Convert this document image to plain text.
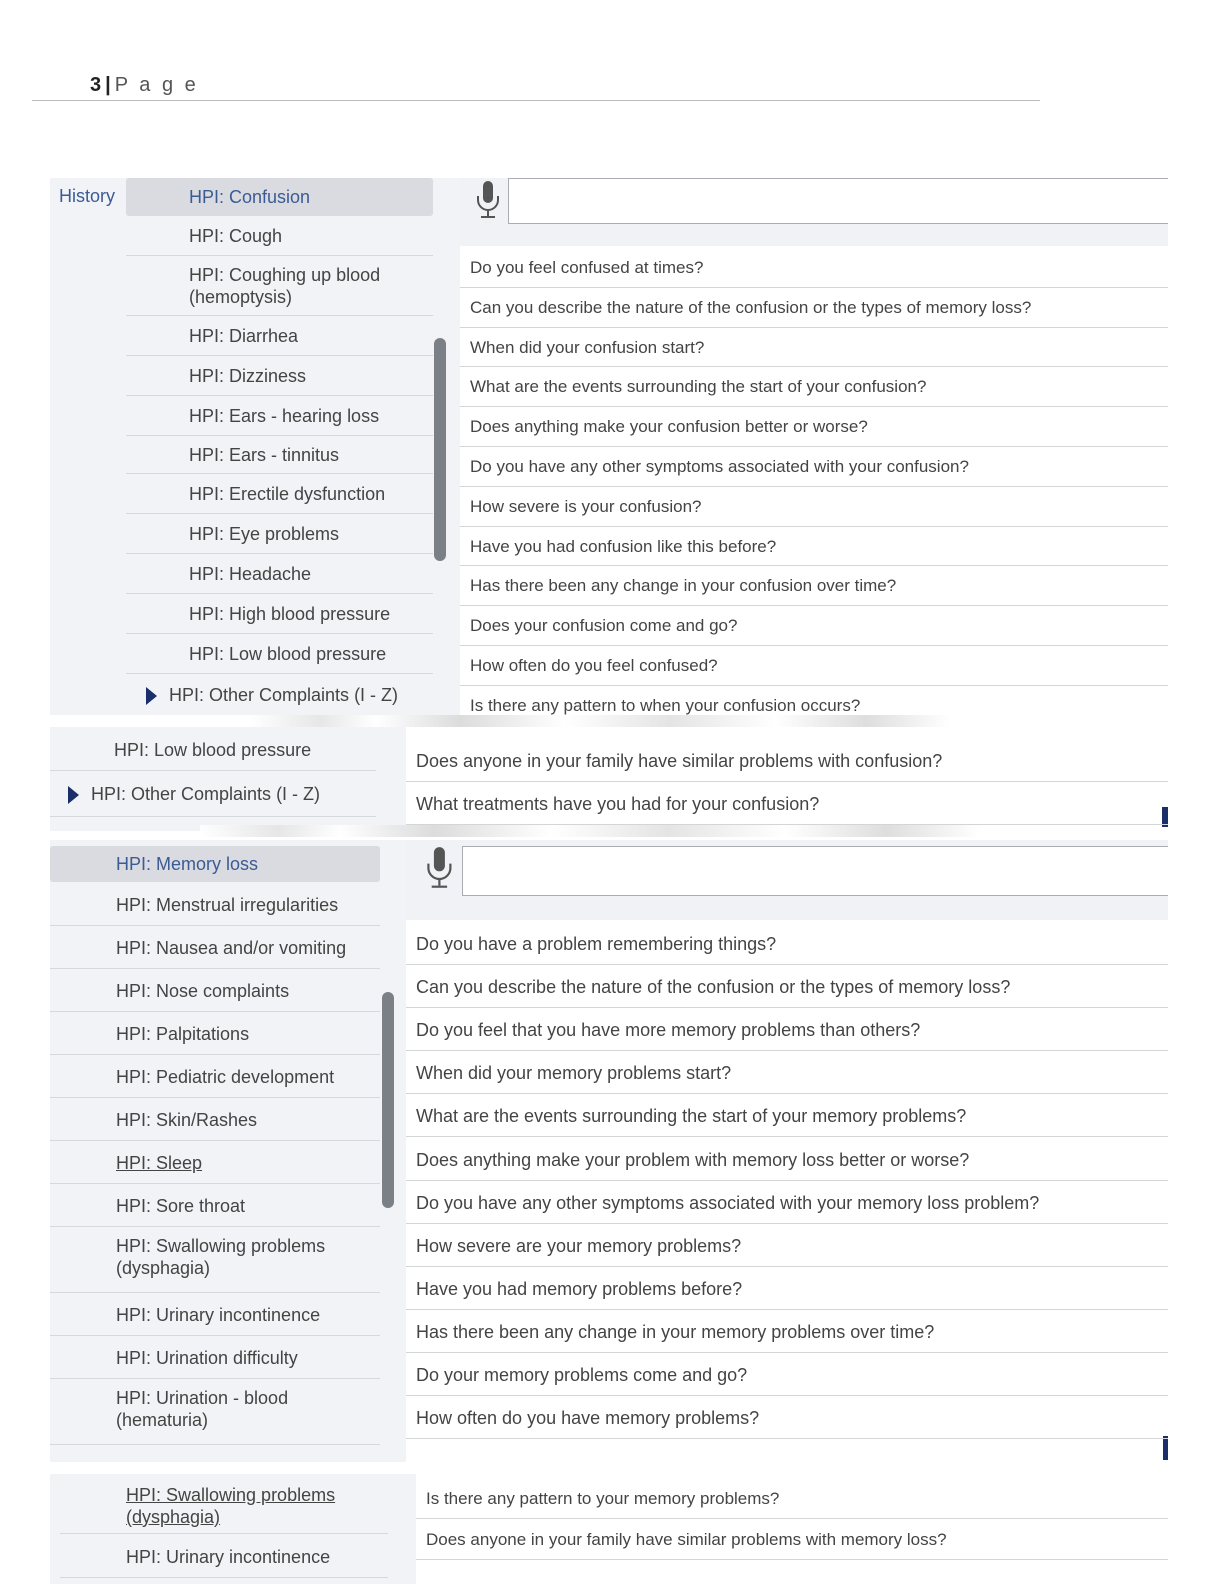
3 | P a g e
History	HPI: Confusion
HPI: Cough
HPI: Coughing up blood
(hemoptysis)
HPI: Diarrhea
HPI: Dizziness
HPI: Ears - hearing loss
HPI: Ears - tinnitus
HPI: Erectile dysfunction
HPI: Eye problems
HPI: Headache
HPI: High blood pressure
HPI: Low blood pressure
HPI: Other Complaints (I - Z)
Do you feel confused at times?
Can you describe the nature of the confusion or the types of memory loss?
When did your confusion start?
What are the events surrounding the start of your confusion?
Does anything make your confusion better or worse?
Do you have any other symptoms associated with your confusion?
How severe is your confusion?
Have you had confusion like this before?
Has there been any change in your confusion over time?
Does your confusion come and go?
How often do you feel confused?
Is there any pattern to when your confusion occurs?
HPI: Low blood pressure
HPI: Other Complaints (I - Z)
Does anyone in your family have similar problems with confusion?
What treatments have you had for your confusion?
HPI: Memory loss
HPI: Menstrual irregularities
HPI: Nausea and/or vomiting
HPI: Nose complaints
HPI: Palpitations
HPI: Pediatric development
HPI: Skin/Rashes
HPI: Sleep
HPI: Sore throat
HPI: Swallowing problems
(dysphagia)
HPI: Urinary incontinence
HPI: Urination difficulty
HPI: Urination - blood
(hematuria)
Do you have a problem remembering things?
Can you describe the nature of the confusion or the types of memory loss?
Do you feel that you have more memory problems than others?
When did your memory problems start?
What are the events surrounding the start of your memory problems?
Does anything make your problem with memory loss better or worse?
Do you have any other symptoms associated with your memory loss problem?
How severe are your memory problems?
Have you had memory problems before?
Has there been any change in your memory problems over time?
Do your memory problems come and go?
How often do you have memory problems?
HPI: Swallowing problems
(dysphagia)
HPI: Urinary incontinence
Is there any pattern to your memory problems?
Does anyone in your family have similar problems with memory loss?
